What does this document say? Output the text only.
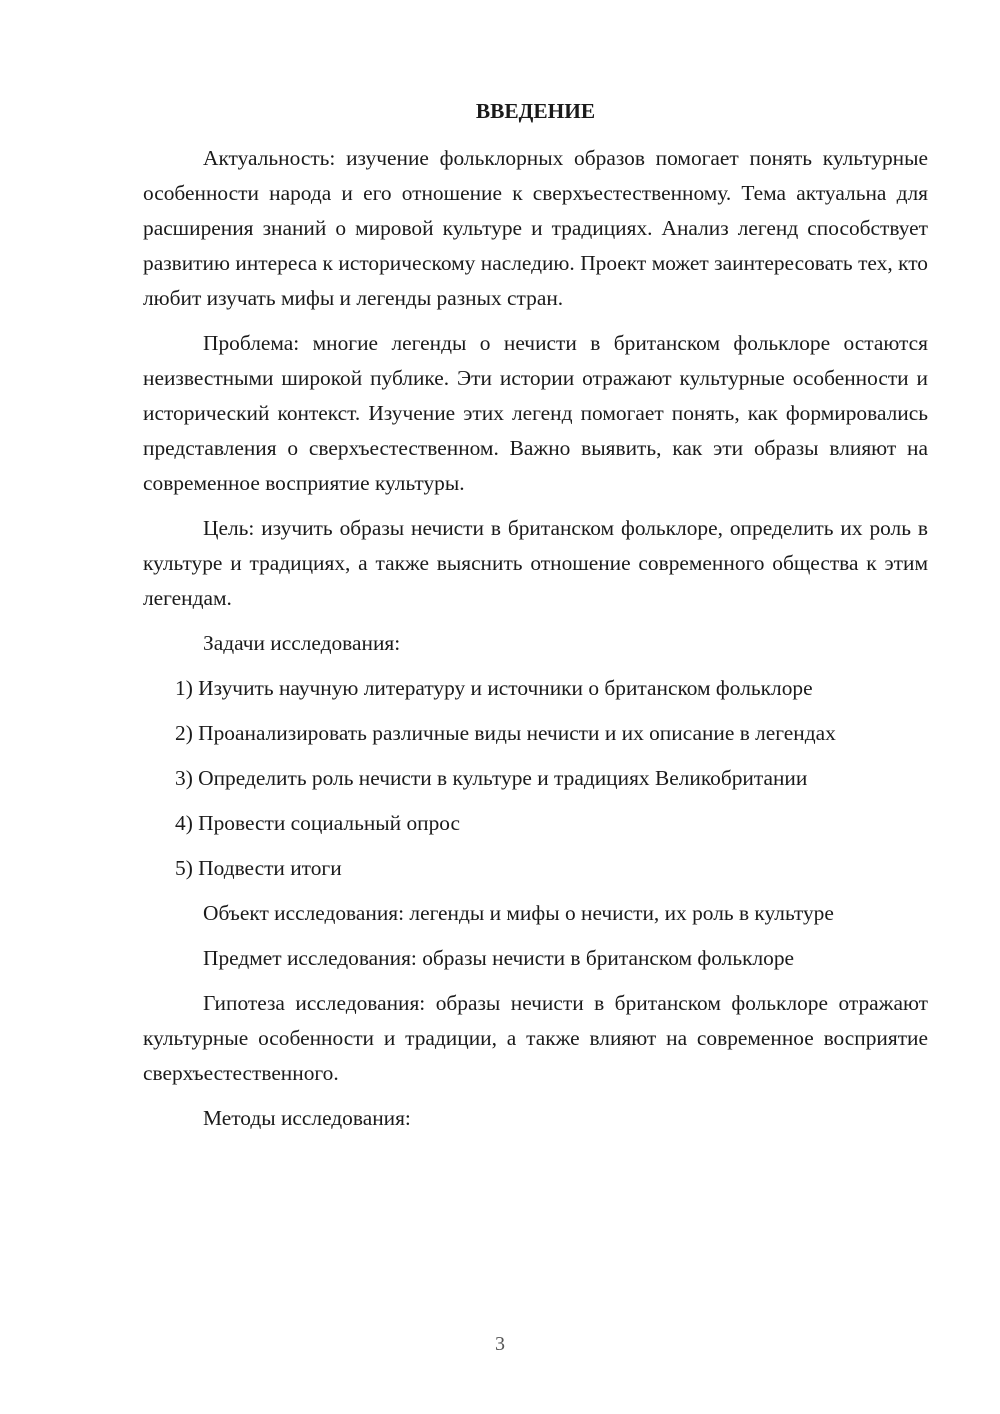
ВВЕДЕНИЕ

Актуальность: изучение фольклорных образов помогает понять культурные особенности народа и его отношение к сверхъестественному. Тема актуальна для расширения знаний о мировой культуре и традициях. Анализ легенд способствует развитию интереса к историческому наследию. Проект может заинтересовать тех, кто любит изучать мифы и легенды разных стран.

Проблема: многие легенды о нечисти в британском фольклоре остаются неизвестными широкой публике. Эти истории отражают культурные особенности и исторический контекст. Изучение этих легенд помогает понять, как формировались представления о сверхъестественном. Важно выявить, как эти образы влияют на современное восприятие культуры.

Цель: изучить образы нечисти в британском фольклоре, определить их роль в культуре и традициях, а также выяснить отношение современного общества к этим легендам.

Задачи исследования:

1) Изучить научную литературу и источники о британском фольклоре

2) Проанализировать различные виды нечисти и их описание в легендах

3) Определить роль нечисти в культуре и традициях Великобритании

4) Провести социальный опрос

5) Подвести итоги

Объект исследования: легенды и мифы о нечисти, их роль в культуре

Предмет исследования: образы нечисти в британском фольклоре

Гипотеза исследования: образы нечисти в британском фольклоре отражают культурные особенности и традиции, а также влияют на современное восприятие сверхъестественного.

Методы исследования:

3
